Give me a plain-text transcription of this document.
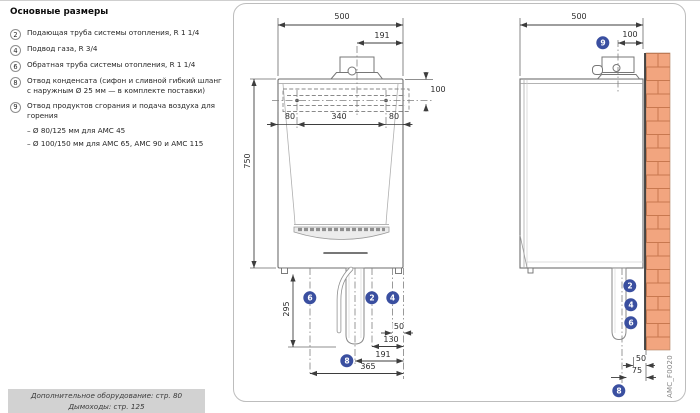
Основные размеры
2	Подающая труба системы отопления, R 1 1/4
4	Подвод газа, R 3/4
6	Обратная труба системы отопления, R 1 1/4
8	Отвод конденсата (сифон и сливной гибкий шланг с наружным Ø 25 мм — в комплекте поставки)
9	Отвод продуктов сгорания и подача воздуха для горения
– Ø 80/125 мм для AMC 45
– Ø 100/150 мм для AMC 65, AMC 90 и AMC 115
Дополнительное оборудование: стр. 80
Дымоходы: стр. 125
500
191
100
80	340	80
750
295
50
130
191
365
500
100
50
75
6	2	4
8
9
2
4
6
8	AMC_F0020
